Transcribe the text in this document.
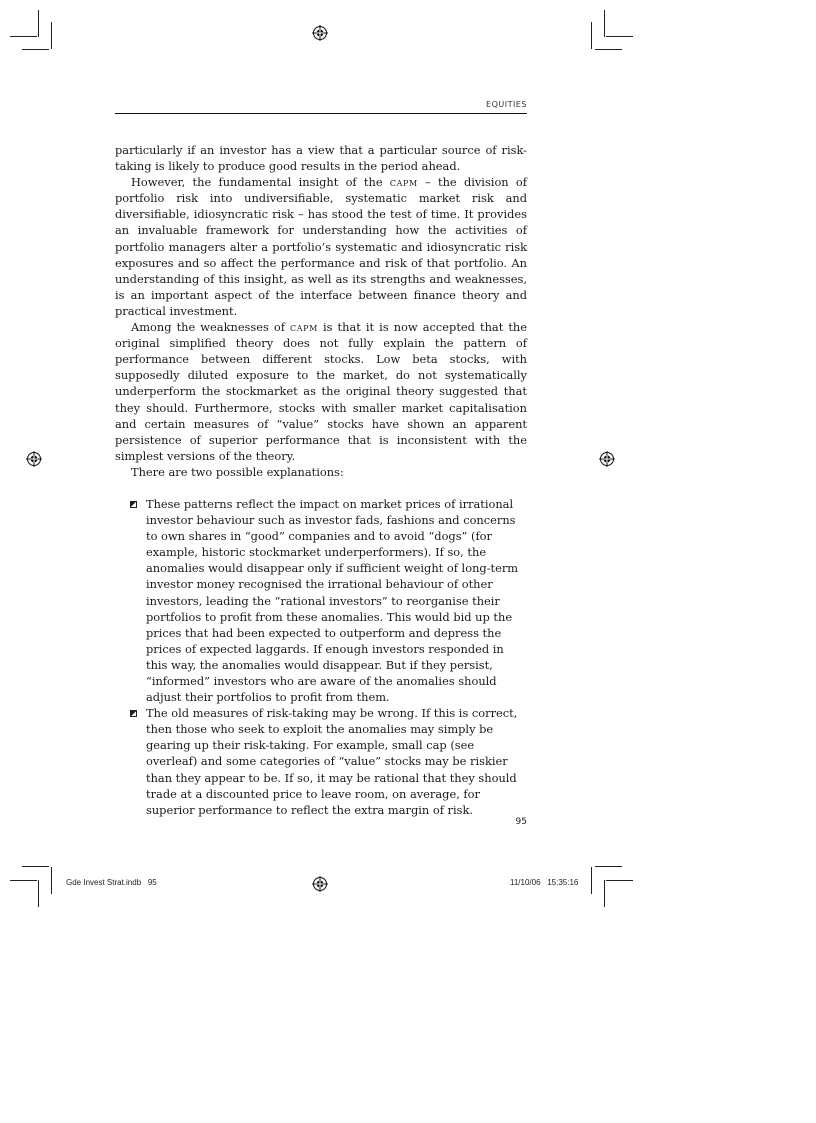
EQUITIES

particularly if an investor has a view that a particular source of risk-taking is likely to produce good results in the period ahead.

However, the fundamental insight of the capm – the division of portfolio risk into undiversifiable, systematic market risk and diversifiable, idiosyncratic risk – has stood the test of time. It provides an invaluable framework for understanding how the activities of portfolio managers alter a portfolio’s systematic and idiosyncratic risk exposures and so affect the performance and risk of that portfolio. An understanding of this insight, as well as its strengths and weaknesses, is an important aspect of the interface between finance theory and practical investment.

Among the weaknesses of capm is that it is now accepted that the original simplified theory does not fully explain the pattern of performance between different stocks. Low beta stocks, with supposedly diluted exposure to the market, do not systematically underperform the stockmarket as the original theory suggested that they should. Furthermore, stocks with smaller market capitalisation and certain measures of “value” stocks have shown an apparent persistence of superior performance that is inconsistent with the simplest versions of the theory.

There are two possible explanations:

These patterns reflect the impact on market prices of irrational investor behaviour such as investor fads, fashions and concerns to own shares in “good” companies and to avoid “dogs” (for example, historic stockmarket underperformers). If so, the anomalies would disappear only if sufficient weight of long-term investor money recognised the irrational behaviour of other investors, leading the “rational investors” to reorganise their portfolios to profit from these anomalies. This would bid up the prices that had been expected to outperform and depress the prices of expected laggards. If enough investors responded in this way, the anomalies would disappear. But if they persist, “informed” investors who are aware of the anomalies should adjust their portfolios to profit from them.
The old measures of risk-taking may be wrong. If this is correct, then those who seek to exploit the anomalies may simply be gearing up their risk-taking. For example, small cap (see overleaf) and some categories of “value” stocks may be riskier than they appear to be. If so, it may be rational that they should trade at a discounted price to leave room, on average, for superior performance to reflect the extra margin of risk.
95
Gde Invest Strat.indb   95	11/10/06   15:35:16
